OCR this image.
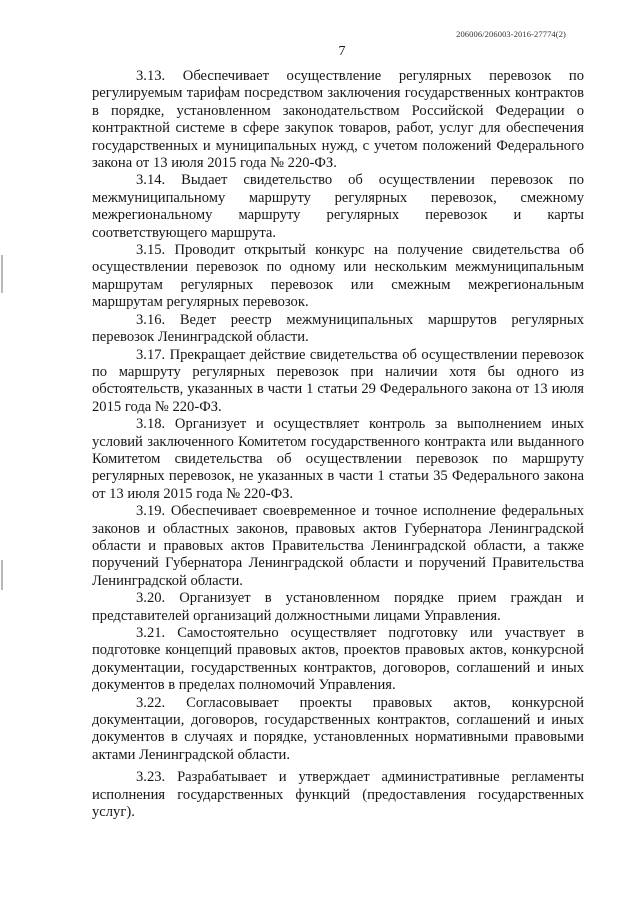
206006/206003-2016-27774(2)
7

3.13. Обеспечивает осуществление регулярных перевозок по регулируемым тарифам посредством заключения государственных контрактов в порядке, установленном законодательством Российской Федерации о контрактной системе в сфере закупок товаров, работ, услуг для обеспечения государственных и муниципальных нужд, с учетом положений Федерального закона от 13 июля 2015 года № 220-ФЗ.

3.14. Выдает свидетельство об осуществлении перевозок по межмуниципальному маршруту регулярных перевозок, смежному межрегиональному маршруту регулярных перевозок и карты соответствующего маршрута.

3.15. Проводит открытый конкурс на получение свидетельства об осуществлении перевозок по одному или нескольким межмуниципальным маршрутам регулярных перевозок или смежным межрегиональным маршрутам регулярных перевозок.

3.16. Ведет реестр межмуниципальных маршрутов регулярных перевозок Ленинградской области.

3.17. Прекращает действие свидетельства об осуществлении перевозок по маршруту регулярных перевозок при наличии хотя бы одного из обстоятельств, указанных в части 1 статьи 29 Федерального закона от 13 июля 2015 года № 220-ФЗ.

3.18. Организует и осуществляет контроль за выполнением иных условий заключенного Комитетом государственного контракта или выданного Комитетом свидетельства об осуществлении перевозок по маршруту регулярных перевозок, не указанных в части 1 статьи 35 Федерального закона от 13 июля 2015 года № 220-ФЗ.

3.19. Обеспечивает своевременное и точное исполнение федеральных законов и областных законов, правовых актов Губернатора Ленинградской области и правовых актов Правительства Ленинградской области, а также поручений Губернатора Ленинградской области и поручений Правительства Ленинградской области.

3.20. Организует в установленном порядке прием граждан и представителей организаций должностными лицами Управления.

3.21. Самостоятельно осуществляет подготовку или участвует в подготовке концепций правовых актов, проектов правовых актов, конкурсной документации, государственных контрактов, договоров, соглашений и иных документов в пределах полномочий Управления.

3.22. Согласовывает проекты правовых актов, конкурсной документации, договоров, государственных контрактов, соглашений и иных документов в случаях и порядке, установленных нормативными правовыми актами Ленинградской области.

3.23. Разрабатывает и утверждает административные регламенты исполнения государственных функций (предоставления государственных услуг).
